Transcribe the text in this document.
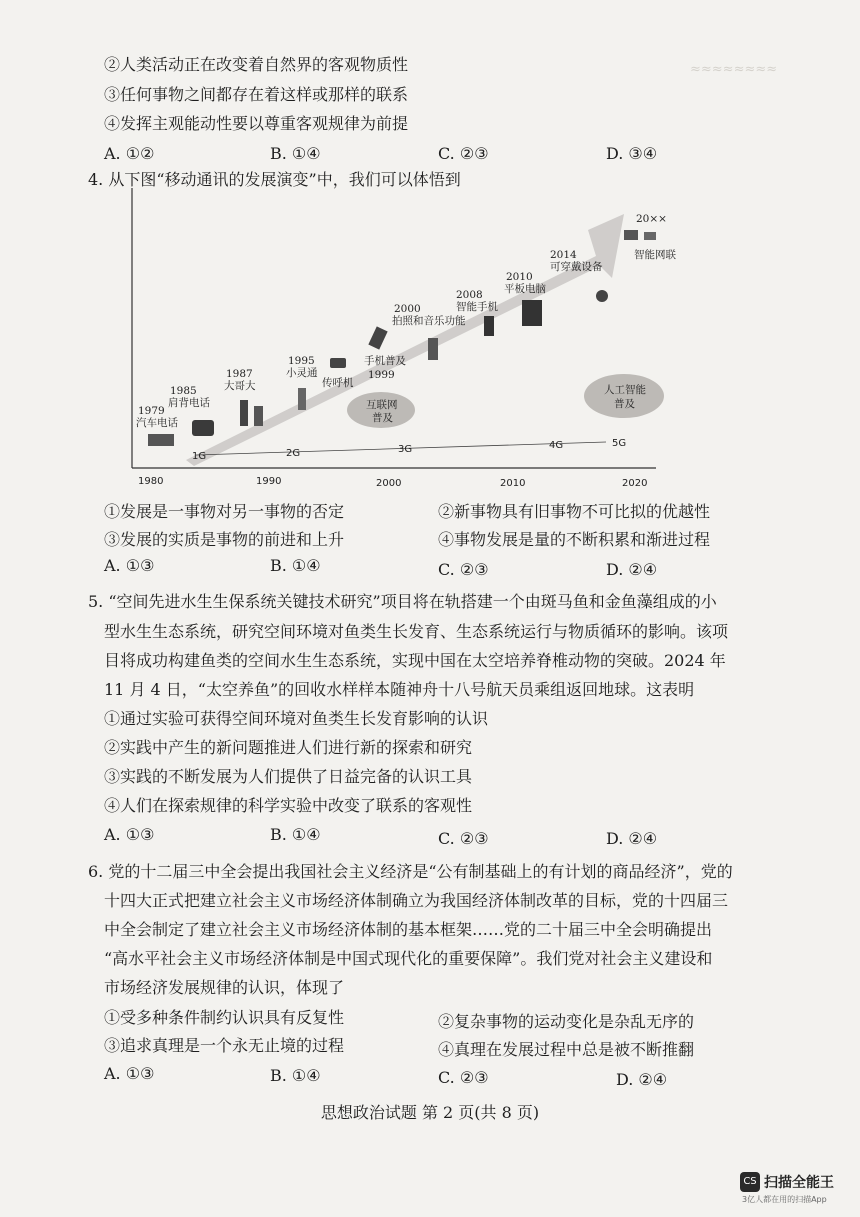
≈≈≈≈≈≈≈≈
②人类活动正在改变着自然界的客观物质性
③任何事物之间都存在着这样或那样的联系
④发挥主观能动性要以尊重客观规律为前提
A. ①②	B. ①④	C. ②③	D. ③④
4. 从下图“移动通讯的发展演变”中，我们可以体悟到
1980	1990	2000	2010	2020
1G	2G	3G	4G	5G
1979
汽车电话
1985
肩背电话
1987
大哥大
1995
小灵通
传呼机
手机普及
1999
2000
拍照和音乐功能
2008
智能手机
2010
平板电脑
2014
可穿戴设备
20××
智能网联
互联网
普及
人工智能
普及
①发展是一事物对另一事物的否定	②新事物具有旧事物不可比拟的优越性
③发展的实质是事物的前进和上升	④事物发展是量的不断积累和渐进过程
A. ①③	B. ①④	C. ②③	D. ②④
5. “空间先进水生生保系统关键技术研究”项目将在轨搭建一个由斑马鱼和金鱼藻组成的小
型水生生态系统，研究空间环境对鱼类生长发育、生态系统运行与物质循环的影响。该项
目将成功构建鱼类的空间水生生态系统，实现中国在太空培养脊椎动物的突破。2024 年
11 月 4 日，“太空养鱼”的回收水样样本随神舟十八号航天员乘组返回地球。这表明
①通过实验可获得空间环境对鱼类生长发育影响的认识
②实践中产生的新问题推进人们进行新的探索和研究
③实践的不断发展为人们提供了日益完备的认识工具
④人们在探索规律的科学实验中改变了联系的客观性
A. ①③	B. ①④	C. ②③	D. ②④
6. 党的十二届三中全会提出我国社会主义经济是“公有制基础上的有计划的商品经济”，党的
十四大正式把建立社会主义市场经济体制确立为我国经济体制改革的目标，党的十四届三
中全会制定了建立社会主义市场经济体制的基本框架……党的二十届三中全会明确提出
“高水平社会主义市场经济体制是中国式现代化的重要保障”。我们党对社会主义建设和
市场经济发展规律的认识，体现了
①受多种条件制约认识具有反复性	②复杂事物的运动变化是杂乱无序的
③追求真理是一个永无止境的过程	④真理在发展过程中总是被不断推翻
A. ①③	B. ①④	C. ②③	D. ②④
思想政治试题 第 2 页(共 8 页)
CS 扫描全能王
3亿人都在用的扫描App
